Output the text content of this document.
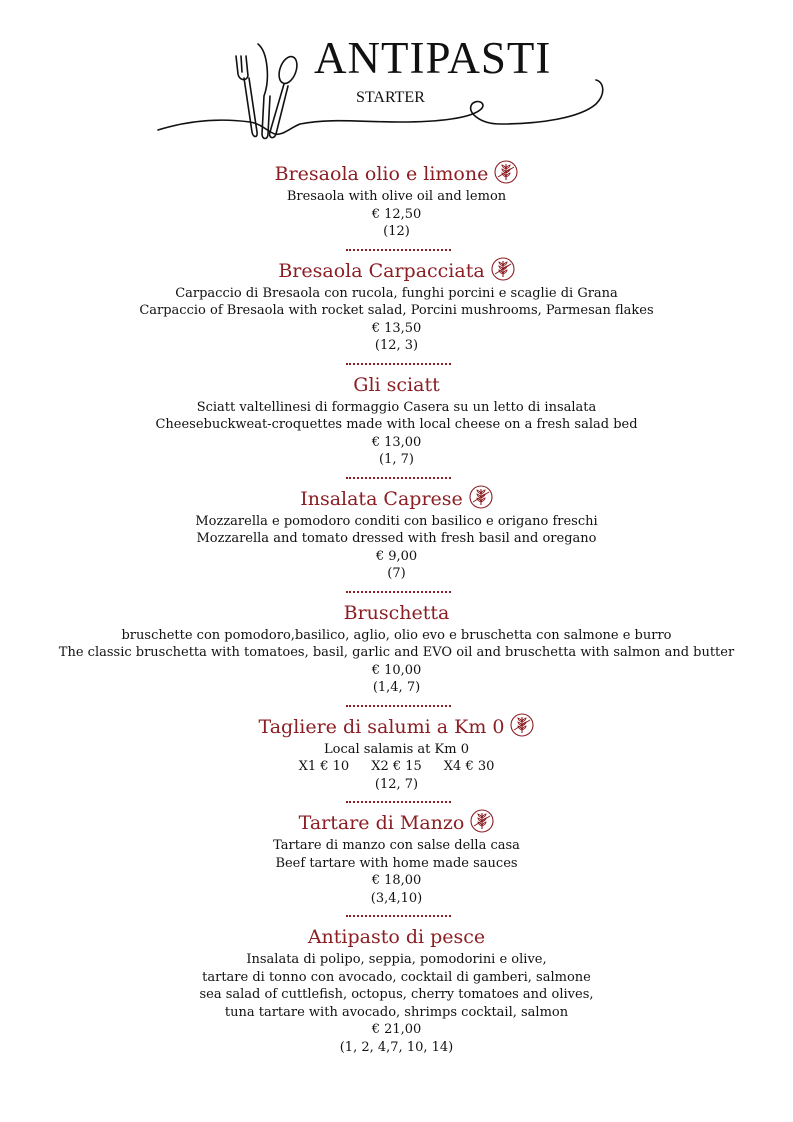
ANTIPASTI
STARTER
Bresaola olio e limone
Bresaola with olive oil and lemon
€ 12,50
(12)
Bresaola Carpacciata
Carpaccio di Bresaola con rucola, funghi porcini e scaglie di Grana
Carpaccio of Bresaola with rocket salad, Porcini mushrooms, Parmesan flakes
€ 13,50
(12, 3)
Gli sciatt
Sciatt valtellinesi di formaggio Casera su un letto di insalata
Cheesebuckweat-croquettes made with local cheese on a fresh salad bed
€ 13,00
(1, 7)
Insalata Caprese
Mozzarella e pomodoro conditi con basilico e origano freschi
Mozzarella and tomato dressed with fresh basil and oregano
€ 9,00
(7)
Bruschetta
bruschette con pomodoro,basilico, aglio, olio evo e bruschetta con salmone e burro
The classic bruschetta with tomatoes, basil, garlic and EVO oil and bruschetta with salmon and butter
€ 10,00
(1,4, 7)
Tagliere di salumi a Km 0
Local salamis at Km 0
X1 € 10 X2 € 15 X4 € 30
(12, 7)
Tartare di Manzo
Tartare di manzo con salse della casa
Beef tartare with home made sauces
€ 18,00
(3,4,10)
Antipasto di pesce
Insalata di polipo, seppia, pomodorini e olive,
tartare di tonno con avocado, cocktail di gamberi, salmone
sea salad of cuttlefish, octopus, cherry tomatoes and olives,
tuna tartare with avocado, shrimps cocktail, salmon
€ 21,00
(1, 2, 4,7, 10, 14)
